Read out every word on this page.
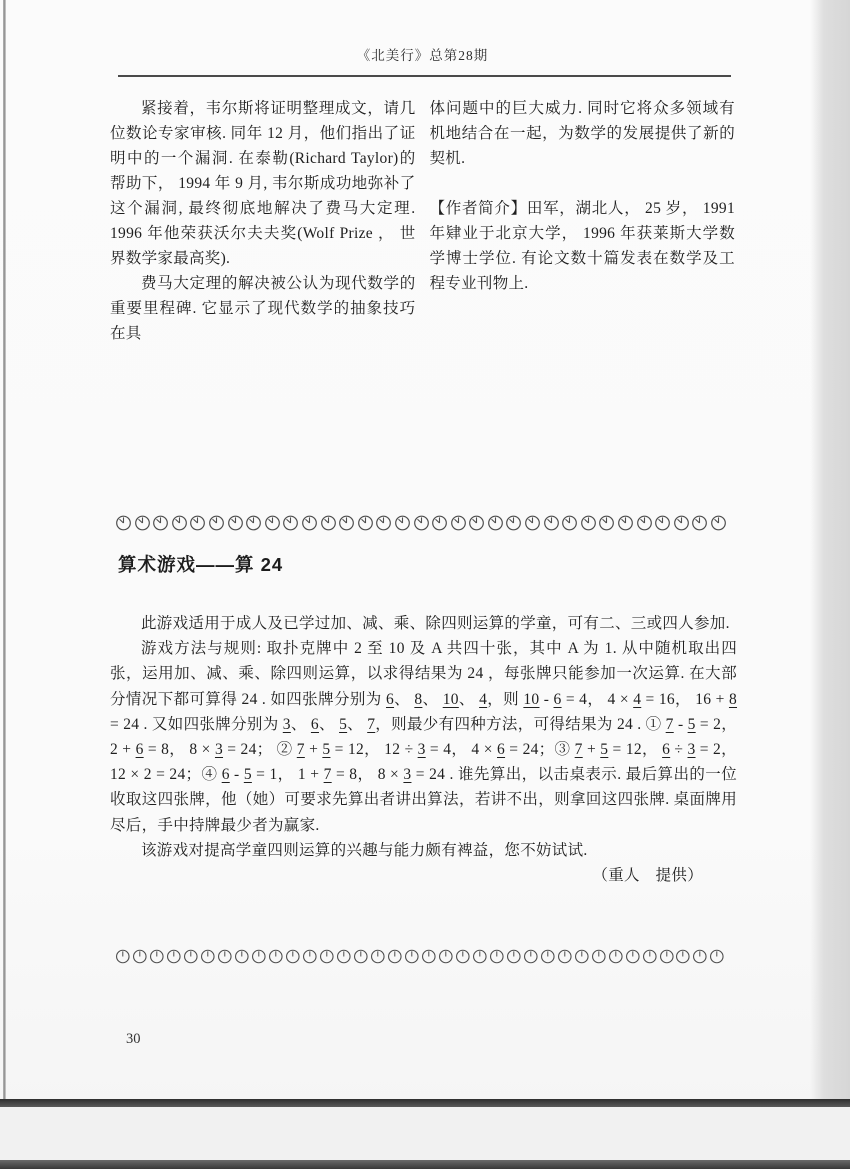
《北美行》总第28期

紧接着，韦尔斯将证明整理成文，请几位数论专家审核. 同年 12 月，他们指出了证明中的一个漏洞. 在泰勒(Richard Taylor)的帮助下， 1994 年 9 月, 韦尔斯成功地弥补了这个漏洞, 最终彻底地解决了费马大定理. 1996 年他荣获沃尔夫夫奖(Wolf Prize ， 世界数学家最高奖).

费马大定理的解决被公认为现代数学的重要里程碑. 它显示了现代数学的抽象技巧在具

体问题中的巨大威力. 同时它将众多领域有机地结合在一起，为数学的发展提供了新的契机.

【作者简介】田军，湖北人， 25 岁， 1991 年肄业于北京大学， 1996 年获莱斯大学数学博士学位. 有论文数十篇发表在数学及工程专业刊物上.

算术游戏——算 24

此游戏适用于成人及已学过加、减、乘、除四则运算的学童，可有二、三或四人参加.

游戏方法与规则: 取扑克牌中 2 至 10 及 A 共四十张，其中 A 为 1. 从中随机取出四张，运用加、减、乘、除四则运算，以求得结果为 24 ，每张牌只能参加一次运算. 在大部分情况下都可算得 24 . 如四张牌分别为 6、 8、 10、 4，则 10 - 6 = 4， 4 × 4 = 16， 16 + 8 = 24 . 又如四张牌分别为 3、 6、 5、 7，则最少有四种方法，可得结果为 24 . ① 7 - 5 = 2， 2 + 6 = 8， 8 × 3 = 24； ② 7 + 5 = 12， 12 ÷ 3 = 4， 4 × 6 = 24；③ 7 + 5 = 12， 6 ÷ 3 = 2， 12 × 2 = 24；④ 6 - 5 = 1， 1 + 7 = 8， 8 × 3 = 24 . 谁先算出，以击桌表示. 最后算出的一位收取这四张牌，他（她）可要求先算出者讲出算法，若讲不出，则拿回这四张牌. 桌面牌用尽后，手中持牌最少者为赢家.

该游戏对提高学童四则运算的兴趣与能力颇有裨益，您不妨试试.

（重人　提供）

30
